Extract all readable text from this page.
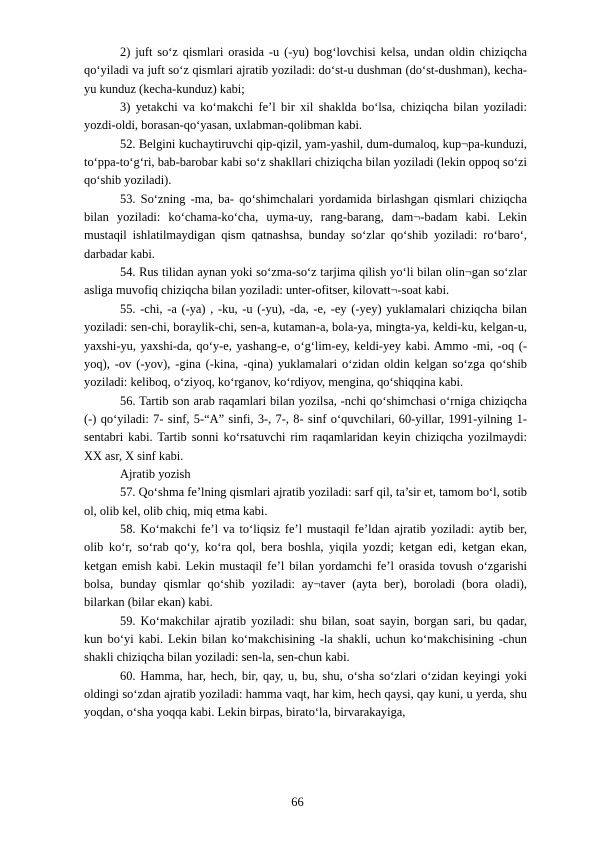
2) juft so‘z qismlari orasida -u (-yu) bog‘lovchisi kelsa, undan oldin chiziqcha qo‘yiladi va juft so‘z qismlari ajratib yoziladi: do‘st-u dushman (do‘st-dushman), kecha-yu kunduz (kecha-kunduz) kabi;

3) yetakchi va ko‘makchi fe’l bir xil shaklda bo‘lsa, chiziqcha bilan yoziladi: yozdi-oldi, borasan-qo‘yasan, uxlabman-qolibman kabi.

52. Belgini kuchaytiruvchi qip-qizil, yam-yashil, dum-dumaloq, kup¬pa-kunduzi, to‘ppa-to‘g‘ri, bab-barobar kabi so‘z shakllari chiziqcha bilan yoziladi (lekin oppoq so‘zi qo‘shib yoziladi).

53. So‘zning -ma, ba- qo‘shimchalari yordamida birlashgan qismlari chiziqcha bilan yoziladi: ko‘chama-ko‘cha, uyma-uy, rang-barang, dam¬-badam kabi. Lekin mustaqil ishlatilmaydigan qism qatnashsa, bunday so‘zlar qo‘shib yoziladi: ro‘baro‘, darbadar kabi.

54. Rus tilidan aynan yoki so‘zma-so‘z tarjima qilish yo‘li bilan olin¬gan so‘zlar asliga muvofiq chiziqcha bilan yoziladi: unter-ofitser, kilovatt¬-soat kabi.

55. -chi, -a (-ya) , -ku, -u (-yu), -da, -e, -ey (-yey) yuklamalari chiziqcha bilan yoziladi: sen-chi, boraylik-chi, sen-a, kutaman-a, bola-ya, mingta-ya, keldi-ku, kelgan-u, yaxshi-yu, yaxshi-da, qo‘y-e, yashang-e, o‘g‘lim-ey, keldi-yey kabi. Ammo -mi, -oq (-yoq), -ov (-yov), -gina (-kina, -qina) yuklamalari o‘zidan oldin kelgan so‘zga qo‘shib yoziladi: keliboq, o‘ziyoq, ko‘rganov, ko‘rdiyov, mengina, qo‘shiqqina kabi.

56. Tartib son arab raqamlari bilan yozilsa, -nchi qo‘shimchasi o‘rniga chiziqcha (-) qo‘yiladi: 7- sinf, 5-“A” sinfi, 3-, 7-, 8- sinf o‘quvchilari, 60-yillar, 1991-yilning 1-sentabri kabi. Tartib sonni ko‘rsatuvchi rim raqamlaridan keyin chiziqcha yozilmaydi: XX asr, X sinf kabi.

Ajratib yozish

57. Qo‘shma fe’lning qismlari ajratib yoziladi: sarf qil, ta’sir et, tamom bo‘l, sotib ol, olib kel, olib chiq, miq etma kabi.

58. Ko‘makchi fe’l va to‘liqsiz fe’l mustaqil fe’ldan ajratib yoziladi: aytib ber, olib ko‘r, so‘rab qo‘y, ko‘ra qol, bera boshla, yiqila yozdi; ketgan edi, ketgan ekan, ketgan emish kabi. Lekin mustaqil fe’l bilan yordamchi fe’l orasida tovush o‘zgarishi bolsa, bunday qismlar qo‘shib yoziladi: ay¬taver (ayta ber), boroladi (bora oladi), bilarkan (bilar ekan) kabi.

59. Ko‘makchilar ajratib yoziladi: shu bilan, soat sayin, borgan sari, bu qadar, kun bo‘yi kabi. Lekin bilan ko‘makchisining -la shakli, uchun ko‘makchisining -chun shakli chiziqcha bilan yoziladi: sen-la, sen-chun kabi.

60. Hamma, har, hech, bir, qay, u, bu, shu, o‘sha so‘zlari o‘zidan keyingi yoki oldingi so‘zdan ajratib yoziladi: hamma vaqt, har kim, hech qaysi, qay kuni, u yerda, shu yoqdan, o‘sha yoqqa kabi. Lekin birpas, birato‘la, birvarakayiga,

66
